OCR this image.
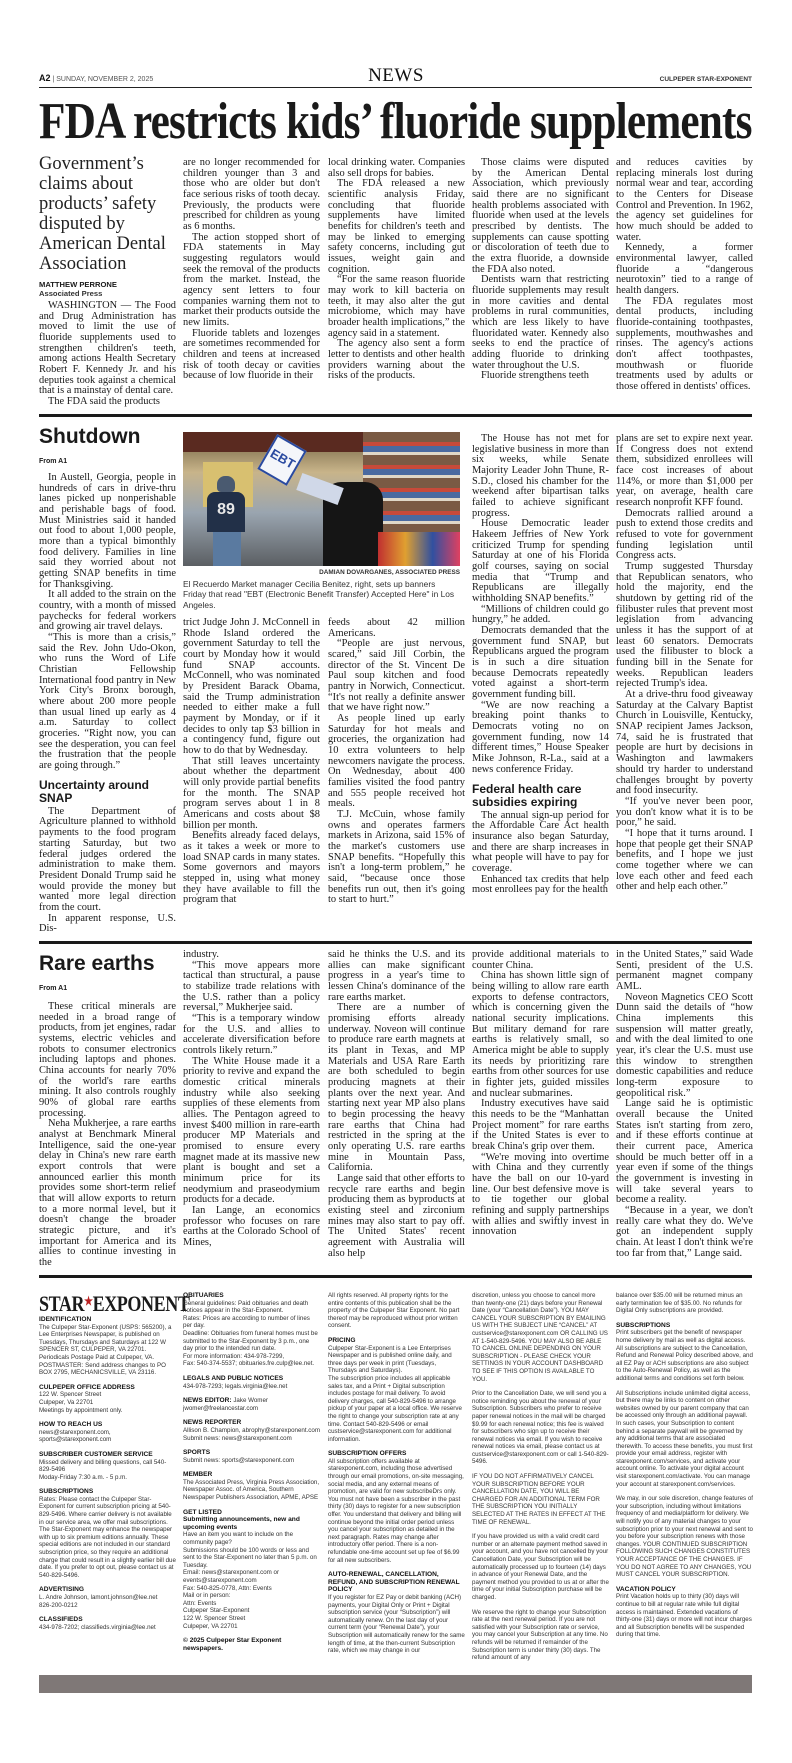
A2 | SUNDAY, NOVEMBER 2, 2025	NEWS	CULPEPER STAR-EXPONENT
FDA restricts kids’ fluoride supplements
Government’s claims about products’ safety disputed by American Dental Association
MATTHEW PERRONE
Associated Press

WASHINGTON — The Food and Drug Administration has moved to limit the use of fluoride supplements used to strengthen children's teeth, among actions Health Secretary Robert F. Kennedy Jr. and his deputies took against a chemical that is a mainstay of dental care.

The FDA said the products

are no longer recommended for children younger than 3 and those who are older but don't face serious risks of tooth decay. Previously, the products were prescribed for children as young as 6 months.

The action stopped short of FDA statements in May suggesting regulators would seek the removal of the products from the market. Instead, the agency sent letters to four companies warning them not to market their products outside the new limits.

Fluoride tablets and lozenges are sometimes recommended for children and teens at increased risk of tooth decay or cavities because of low fluoride in their

local drinking water. Companies also sell drops for babies.

The FDA released a new scientific analysis Friday, concluding that fluoride supplements have limited benefits for children's teeth and may be linked to emerging safety concerns, including gut issues, weight gain and cognition.

“For the same reason fluoride may work to kill bacteria on teeth, it may also alter the gut microbiome, which may have broader health implications,” the agency said in a statement.

The agency also sent a form letter to dentists and other health providers warning about the risks of the products.

Those claims were disputed by the American Dental Association, which previously said there are no significant health problems associated with fluoride when used at the levels prescribed by dentists. The supplements can cause spotting or discoloration of teeth due to the extra fluoride, a downside the FDA also noted.

Dentists warn that restricting fluoride supplements may result in more cavities and dental problems in rural communities, which are less likely to have fluoridated water. Kennedy also seeks to end the practice of adding fluoride to drinking water throughout the U.S.

Fluoride strengthens teeth

and reduces cavities by replacing minerals lost during normal wear and tear, according to the Centers for Disease Control and Prevention. In 1962, the agency set guidelines for how much should be added to water.

Kennedy, a former environmental lawyer, called fluoride a “dangerous neurotoxin” tied to a range of health dangers.

The FDA regulates most dental products, including fluoride-containing toothpastes, supplements, mouthwashes and rinses. The agency's actions don't affect toothpastes, mouthwash or fluoride treatments used by adults or those offered in dentists' offices.

Shutdown
From A1
89
EBT
DAMIAN DOVARGANES, ASSOCIATED PRESS
El Recuerdo Market manager Cecilia Benitez, right, sets up banners Friday that read "EBT (Electronic Benefit Transfer) Accepted Here" in Los Angeles.

In Austell, Georgia, people in hundreds of cars in drive-thru lanes picked up nonperishable and perishable bags of food. Must Ministries said it handed out food to about 1,000 people, more than a typical bimonthly food delivery. Families in line said they worried about not getting SNAP benefits in time for Thanksgiving.

It all added to the strain on the country, with a month of missed paychecks for federal workers and growing air travel delays.

“This is more than a crisis,” said the Rev. John Udo-Okon, who runs the Word of Life Christian Fellowship International food pantry in New York City's Bronx borough, where about 200 more people than usual lined up early as 4 a.m. Saturday to collect groceries. “Right now, you can see the desperation, you can feel the frustration that the people are going through.”

Uncertainty around SNAP

The Department of Agriculture planned to withhold payments to the food program starting Saturday, but two federal judges ordered the administration to make them. President Donald Trump said he would provide the money but wanted more legal direction from the court.

In apparent response, U.S. Dis-

trict Judge John J. McConnell in Rhode Island ordered the government Saturday to tell the court by Monday how it would fund SNAP accounts. McConnell, who was nominated by President Barack Obama, said the Trump administration needed to either make a full payment by Monday, or if it decides to only tap $3 billion in a contingency fund, figure out how to do that by Wednesday.

That still leaves uncertainty about whether the department will only provide partial benefits for the month. The SNAP program serves about 1 in 8 Americans and costs about $8 billion per month.

Benefits already faced delays, as it takes a week or more to load SNAP cards in many states. Some governors and mayors stepped in, using what money they have available to fill the program that

feeds about 42 million Americans.

“People are just nervous, scared,” said Jill Corbin, the director of the St. Vincent De Paul soup kitchen and food pantry in Norwich, Connecticut. “It's not really a definite answer that we have right now.”

As people lined up early Saturday for hot meals and groceries, the organization had 10 extra volunteers to help newcomers navigate the process. On Wednesday, about 400 families visited the food pantry and 555 people received hot meals.

T.J. McCuin, whose family owns and operates farmers markets in Arizona, said 15% of the market's customers use SNAP benefits. “Hopefully this isn't a long-term problem,” he said, “because once those benefits run out, then it's going to start to hurt.”

The House has not met for legislative business in more than six weeks, while Senate Majority Leader John Thune, R-S.D., closed his chamber for the weekend after bipartisan talks failed to achieve significant progress.

House Democratic leader Hakeem Jeffries of New York criticized Trump for spending Saturday at one of his Florida golf courses, saying on social media that “Trump and Republicans are illegally withholding SNAP benefits.”

“Millions of children could go hungry,” he added.

Democrats demanded that the government fund SNAP, but Republicans argued the program is in such a dire situation because Democrats repeatedly voted against a short-term government funding bill.

“We are now reaching a breaking point thanks to Democrats voting no on government funding, now 14 different times,” House Speaker Mike Johnson, R-La., said at a news conference Friday.

Federal health care subsidies expiring

The annual sign-up period for the Affordable Care Act health insurance also began Saturday, and there are sharp increases in what people will have to pay for coverage.

Enhanced tax credits that help most enrollees pay for the health

plans are set to expire next year. If Congress does not extend them, subsidized enrollees will face cost increases of about 114%, or more than $1,000 per year, on average, health care research nonprofit KFF found.

Democrats rallied around a push to extend those credits and refused to vote for government funding legislation until Congress acts.

Trump suggested Thursday that Republican senators, who hold the majority, end the shutdown by getting rid of the filibuster rules that prevent most legislation from advancing unless it has the support of at least 60 senators. Democrats used the filibuster to block a funding bill in the Senate for weeks. Republican leaders rejected Trump's idea.

At a drive-thru food giveaway Saturday at the Calvary Baptist Church in Louisville, Kentucky, SNAP recipient James Jackson, 74, said he is frustrated that people are hurt by decisions in Washington and lawmakers should try harder to understand challenges brought by poverty and food insecurity.

“If you've never been poor, you don't know what it is to be poor,” he said.

“I hope that it turns around. I hope that people get their SNAP benefits, and I hope we just come together where we can love each other and feed each other and help each other.”

Rare earths
From A1

These critical minerals are needed in a broad range of products, from jet engines, radar systems, electric vehicles and robots to consumer electronics including laptops and phones. China accounts for nearly 70% of the world's rare earths mining. It also controls roughly 90% of global rare earths processing.

Neha Mukherjee, a rare earths analyst at Benchmark Mineral Intelligence, said the one-year delay in China's new rare earth export controls that were announced earlier this month provides some short-term relief that will allow exports to return to a more normal level, but it doesn't change the broader strategic picture, and it's important for America and its allies to continue investing in the

industry.

“This move appears more tactical than structural, a pause to stabilize trade relations with the U.S. rather than a policy reversal,” Mukherjee said.

“This is a temporary window for the U.S. and allies to accelerate diversification before controls likely return.”

The White House made it a priority to revive and expand the domestic critical minerals industry while also seeking supplies of these elements from allies. The Pentagon agreed to invest $400 million in rare-earth producer MP Materials and promised to ensure every magnet made at its massive new plant is bought and set a minimum price for its neodymium and praseodymium products for a decade.

Ian Lange, an economics professor who focuses on rare earths at the Colorado School of Mines,

said he thinks the U.S. and its allies can make significant progress in a year's time to lessen China's dominance of the rare earths market.

There are a number of promising efforts already underway. Noveon will continue to produce rare earth magnets at its plant in Texas, and MP Materials and USA Rare Earth are both scheduled to begin producing magnets at their plants over the next year. And starting next year MP also plans to begin processing the heavy rare earths that China had restricted in the spring at the only operating U.S. rare earths mine in Mountain Pass, California.

Lange said that other efforts to recycle rare earths and begin producing them as byproducts at existing steel and zirconium mines may also start to pay off. The United States' recent agreement with Australia will also help

provide additional materials to counter China.

China has shown little sign of being willing to allow rare earth exports to defense contractors, which is concerning given the national security implications. But military demand for rare earths is relatively small, so America might be able to supply its needs by prioritizing rare earths from other sources for use in fighter jets, guided missiles and nuclear submarines.

Industry executives have said this needs to be the “Manhattan Project moment” for rare earths if the United States is ever to break China's grip over them.

“We're moving into overtime with China and they currently have the ball on our 10-yard line. Our best defensive move is to tie together our global refining and supply partnerships with allies and swiftly invest in innovation

in the United States,” said Wade Senti, president of the U.S. permanent magnet company AML.

Noveon Magnetics CEO Scott Dunn said the details of “how China implements this suspension will matter greatly, and with the deal limited to one year, it's clear the U.S. must use this window to strengthen domestic capabilities and reduce long-term exposure to geopolitical risk.”

Lange said he is optimistic overall because the United States isn't starting from zero, and if these efforts continue at their current pace, America should be much better off in a year even if some of the things the government is investing in will take several years to become a reality.

“Because in a year, we don't really care what they do. We've got an independent supply chain. At least I don't think we're too far from that,” Lange said.

STAR★EXPONENT
IDENTIFICATION
The Culpeper Star-Exponent (USPS: 565200), a Lee Enterprises Newspaper, is published on Tuesdays, Thursdays and Saturdays at 122 W SPENCER ST, CULPEPER, VA 22701. Periodicals Postage Paid at Culpeper, VA. POSTMASTER: Send address changes to PO BOX 2795, MECHANICSVILLE, VA 23116.
CULPEPER OFFICE ADDRESS
122 W. Spencer Street
Culpeper, Va 22701
Meetings by appointment only.
HOW TO REACH US
news@starexponent.com, sports@starexponent.com
SUBSCRIBER CUSTOMER SERVICE
Missed delivery and billing questions, call 540-829-5496
Moday-Friday 7:30 a.m. - 5 p.m.
SUBSCRIPTIONS
Rates: Please contact the Culpeper Star-Exponent for current subscription pricing at 540-829-5496. Where carrier delivery is not available in our service area, we offer mail subscriptions. The Star-Exponent may enhance the newspaper with up to six premium editions annually. These special editions are not included in our standard subscription price, so they require an additional charge that could result in a slightly earlier bill due date. If you prefer to opt out, please contact us at 540-829-5496.
ADVERTISING
L. Andre Johnson, lamont.johnson@lee.net
826-200-0212
CLASSIFIEDS
434-978-7202; classifieds.virginia@lee.net
OBITUARIES
General guidelines: Paid obituaries and death notices appear in the Star-Exponent.
Rates: Prices are according to number of lines per day.
Deadline: Obituaries from funeral homes must be submitted to the Star-Exponent by 3 p.m., one day prior to the intended run date.
For more information: 434-978-7299,
Fax: 540-374-5537; obituaries.fre.culp@lee.net.
LEGALS AND PUBLIC NOTICES
434-978-7293; legals.virginia@lee.net
NEWS EDITOR: Jake Womer
jwomer@freelancestar.com
NEWS REPORTER
Allison B. Champion, abrophy@starexponent.com
Submit news: news@starexponent.com
SPORTS
Submit news: sports@starexponent.com
MEMBER
The Associated Press, Virginia Press Association, Newspaper Assoc. of America, Southern Newspaper Publishers Association, APME, APSE
GET LISTED
Submitting announcements, new and upcoming events
Have an item you want to include on the community page?
Submissions should be 100 words or less and sent to the Star-Exponent no later than 5 p.m. on Tuesday.
Email: news@starexponent.com or events@starexponent.com
Fax: 540-825-0778, Attn: Events
Mail or in person:
Attn: Events
Culpeper Star-Exponent
122 W. Spencer Street
Culpeper, VA 22701
© 2025 Culpeper Star Exponent newspapers.
All rights reserved. All property rights for the entire contents of this publication shall be the property of the Culpeper Star Exponent. No part thereof may be reproduced without prior written consent.
PRICING
Culpeper Star-Exponent is a Lee Enterprises Newspaper and is published online daily, and three days per week in print (Tuesdays, Thursdays and Saturdays).
The subscription price includes all applicable sales tax, and a Print + Digital subscription includes postage for mail delivery. To avoid delivery charges, call 540-829-5496 to arrange pickup of your paper at a local office. We reserve the right to change your subscription rate at any time. Contact 540-829-5496 or email custservice@starexponent.com for additional information.
SUBSCRIPTION OFFERS
All subscription offers available at starexponent.com, including those advertised through our email promotions, on-site messaging, social media, and any external means of promotion, are valid for new subscribeDrs only. You must not have been a subscriber in the past thirty (30) days to register for a new subscription offer. You understand that delivery and billing will continue beyond the initial order period unless you cancel your subscription as detailed in the next paragraph. Rates may change after introductory offer period. There is a non-refundable one-time account set up fee of $6.99 for all new subscribers.
AUTO-RENEWAL, CANCELLATION, REFUND, AND SUBSCRIPTION RENEWAL POLICY
If you register for EZ Pay or debit banking (ACH) payments, your Digital Only or Print + Digital subscription service (your “Subscription”) will automatically renew. On the last day of your current term (your “Renewal Date”), your Subscription will automatically renew for the same length of time, at the then-current Subscription rate, which we may change in our
discretion, unless you choose to cancel more than twenty-one (21) days before your Renewal Date (your “Cancellation Date”). YOU MAY CANCEL YOUR SUBSCRIPTION BY EMAILING US WITH THE SUBJECT LINE “CANCEL” AT custservice@starexponent.com OR CALLING US AT 1-540-829-5496. YOU MAY ALSO BE ABLE TO CANCEL ONLINE DEPENDING ON YOUR SUBSCRIPTION - PLEASE CHECK YOUR SETTINGS IN YOUR ACCOUNT DASHBOARD TO SEE IF THIS OPTION IS AVAILABLE TO YOU.
Prior to the Cancellation Date, we will send you a notice reminding you about the renewal of your Subscription. Subscribers who prefer to receive paper renewal notices in the mail will be charged $9.99 for each renewal notice; this fee is waived for subscribers who sign up to receive their renewal notices via email. If you wish to receive renewal notices via email, please contact us at custservice@starexponent.com or call 1-540-829-5496.
IF YOU DO NOT AFFIRMATIVELY CANCEL YOUR SUBSCRIPTION BEFORE YOUR CANCELLATION DATE, YOU WILL BE CHARGED FOR AN ADDITIONAL TERM FOR THE SUBSCRIPTION YOU INITIALLY SELECTED AT THE RATES IN EFFECT AT THE TIME OF RENEWAL.
If you have provided us with a valid credit card number or an alternate payment method saved in your account, and you have not cancelled by your Cancellation Date, your Subscription will be automatically processed up to fourteen (14) days in advance of your Renewal Date, and the payment method you provided to us at or after the time of your initial Subscription purchase will be charged.
We reserve the right to change your Subscription rate at the next renewal period. If you are not satisfied with your Subscription rate or service, you may cancel your Subscription at any time. No refunds will be returned if remainder of the Subscription term is under thirty (30) days. The refund amount of any
balance over $35.00 will be returned minus an early termination fee of $35.00. No refunds for Digital Only subscriptions are provided.
SUBSCRIPTIONS
Print subscribers get the benefit of newspaper home delivery by mail as well as digital access. All subscriptions are subject to the Cancellation, Refund and Renewal Policy described above, and all EZ Pay or ACH subscriptions are also subject to the Auto-Renewal Policy, as well as the additional terms and conditions set forth below.
All Subscriptions include unlimited digital access, but there may be links to content on other websites owned by our parent company that can be accessed only through an additional paywall. In such cases, your Subscription to content behind a separate paywall will be governed by any additional terms that are associated therewith. To access these benefits, you must first provide your email address, register with starexponent.com/services, and activate your account online. To activate your digital account visit starexponent.com/activate. You can manage your account at starexponent.com/services.
We may, in our sole discretion, change features of your subscription, including without limitations frequency of and media/platform for delivery. We will notify you of any material changes to your subscription prior to your next renewal and sent to you before your subscription renews with those changes. YOUR CONTINUED SUBSCRIPTION FOLLOWING SUCH CHANGES CONSTITUTES YOUR ACCEPTANCE OF THE CHANGES. IF YOU DO NOT AGREE TO ANY CHANGES, YOU MUST CANCEL YOUR SUBSCRIPTION.
VACATION POLICY
Print Vacation holds up to thirty (30) days will continue to bill at regular rate while full digital access is maintained. Extended vacations of thirty-one (31) days or more will not incur charges and all Subscription benefits will be suspended during that time.
